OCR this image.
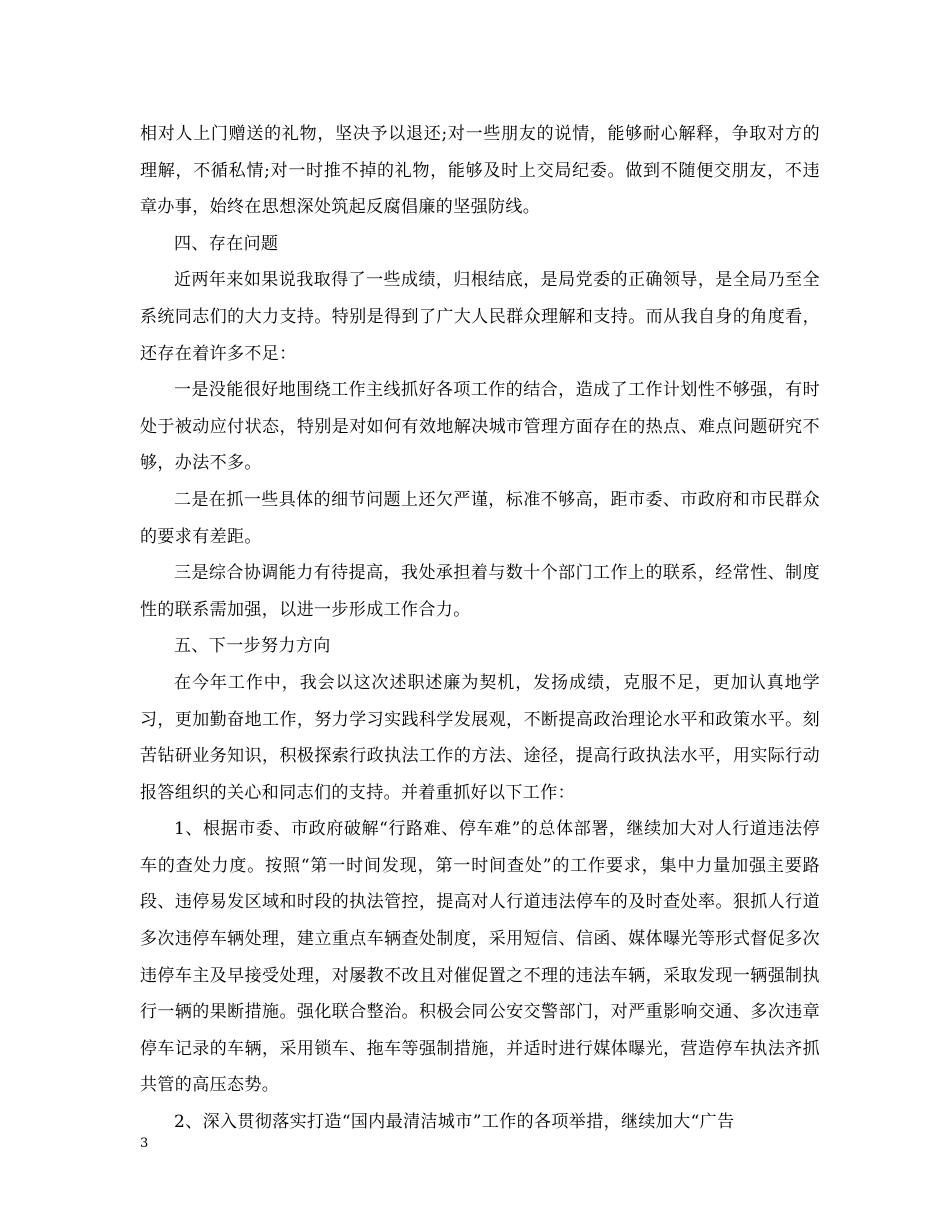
相对人上门赠送的礼物，坚决予以退还;对一些朋友的说情，能够耐心解释，争取对方的理解，不循私情;对一时推不掉的礼物，能够及时上交局纪委。做到不随便交朋友，不违章办事，始终在思想深处筑起反腐倡廉的坚强防线。

四、存在问题

近两年来如果说我取得了一些成绩，归根结底，是局党委的正确领导，是全局乃至全系统同志们的大力支持。特别是得到了广大人民群众理解和支持。而从我自身的角度看，还存在着许多不足：

一是没能很好地围绕工作主线抓好各项工作的结合，造成了工作计划性不够强，有时处于被动应付状态，特别是对如何有效地解决城市管理方面存在的热点、难点问题研究不够，办法不多。

二是在抓一些具体的细节问题上还欠严谨，标准不够高，距市委、市政府和市民群众的要求有差距。

三是综合协调能力有待提高，我处承担着与数十个部门工作上的联系，经常性、制度性的联系需加强，以进一步形成工作合力。

五、下一步努力方向

在今年工作中，我会以这次述职述廉为契机，发扬成绩，克服不足，更加认真地学习，更加勤奋地工作，努力学习实践科学发展观，不断提高政治理论水平和政策水平。刻苦钻研业务知识，积极探索行政执法工作的方法、途径，提高行政执法水平，用实际行动报答组织的关心和同志们的支持。并着重抓好以下工作：

1、根据市委、市政府破解“行路难、停车难”的总体部署，继续加大对人行道违法停车的查处力度。按照“第一时间发现，第一时间查处”的工作要求，集中力量加强主要路段、违停易发区域和时段的执法管控，提高对人行道违法停车的及时查处率。狠抓人行道多次违停车辆处理，建立重点车辆查处制度，采用短信、信函、媒体曝光等形式督促多次违停车主及早接受处理，对屡教不改且对催促置之不理的违法车辆，采取发现一辆强制执行一辆的果断措施。强化联合整治。积极会同公安交警部门，对严重影响交通、多次违章停车记录的车辆，采用锁车、拖车等强制措施，并适时进行媒体曝光，营造停车执法齐抓共管的高压态势。

2、深入贯彻落实打造“国内最清洁城市”工作的各项举措，继续加大“广告

3
